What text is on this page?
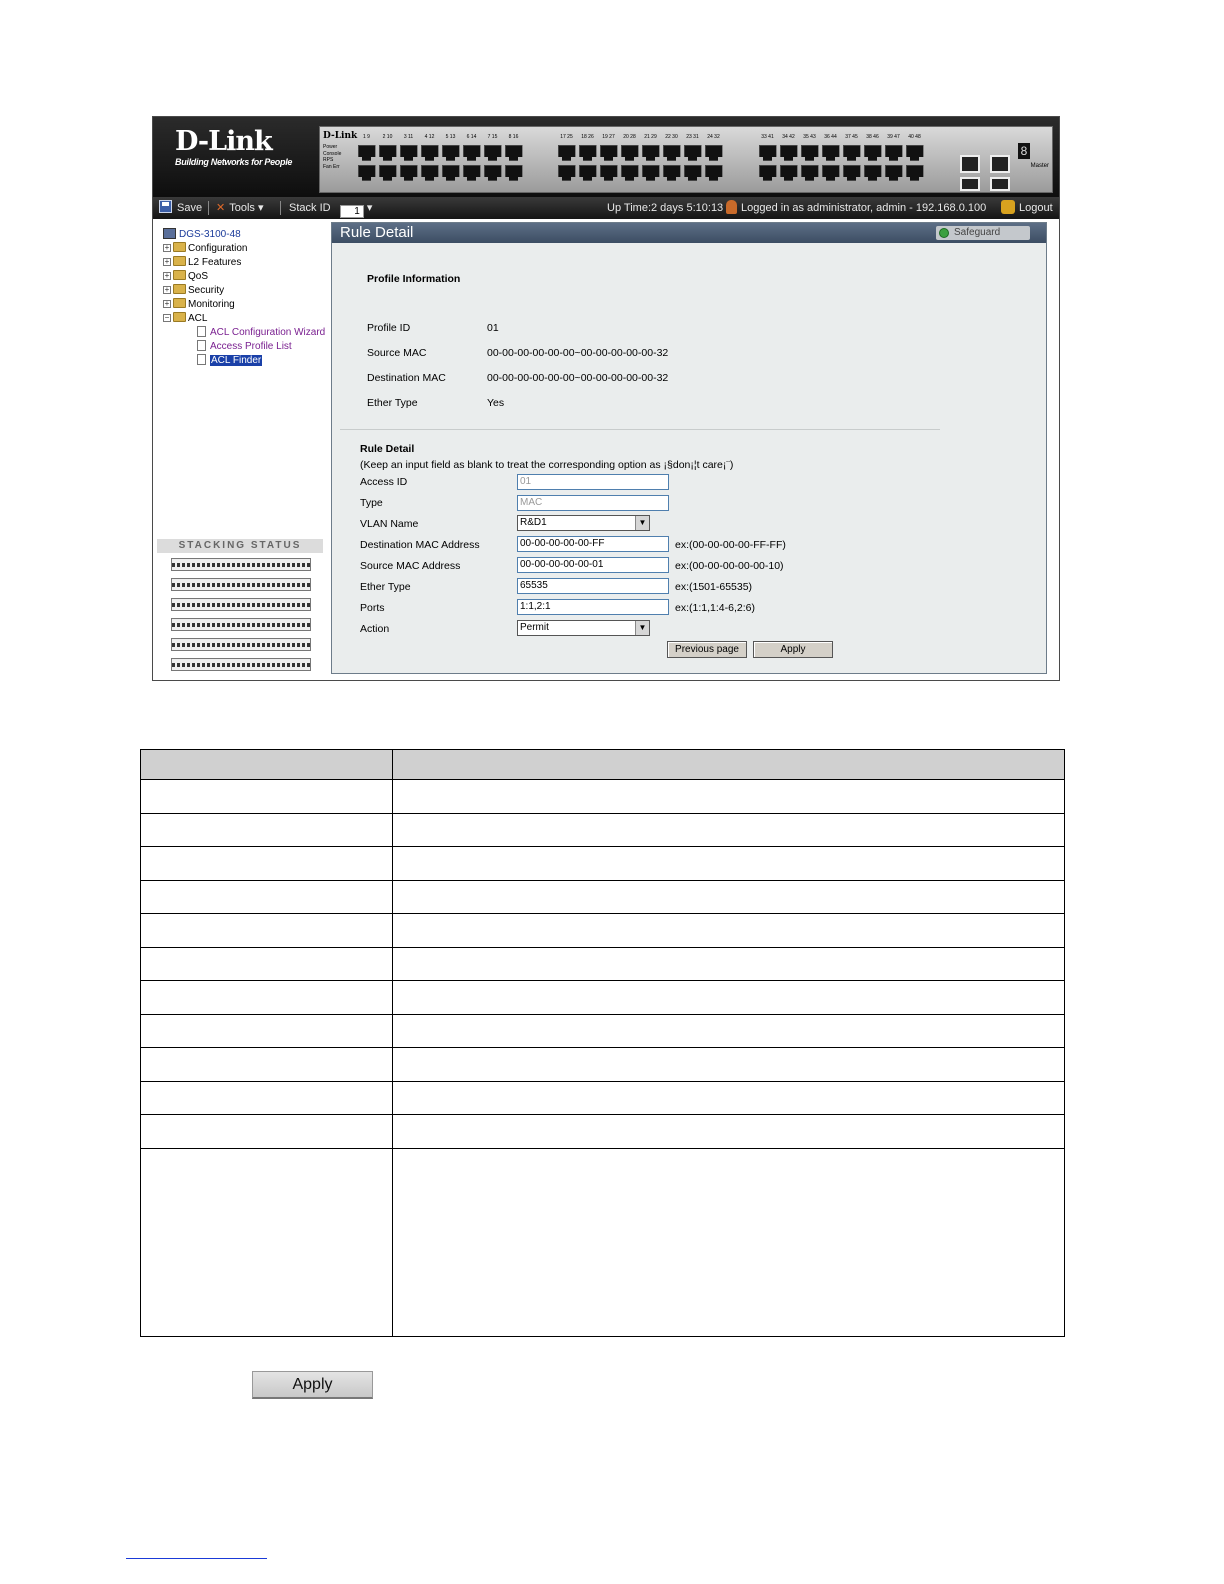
D-Link
Building Networks for People
D-Link
Power
Console
RPS
Fan Err
1 9	2 10	3 11	4 12	5 13	6 14	7 15	8 16	17 25	18 26	19 27	20 28	21 29	22 30	23 31	24 32	33 41	34 42	35 43	36 44	37 45	38 46	39 47	40 48
8
Master
Save ✕ Tools ▾ Stack ID 1 ▾	Up Time:2 days 5:10:13	Logged in as administrator, admin - 192.168.0.100	Logout
DGS-3100-48
+ Configuration
+ L2 Features
+ QoS
+ Security
+ Monitoring
− ACL
ACL Configuration Wizard
Access Profile List
ACL Finder
STACKING STATUS
Rule Detail	Safeguard
Profile Information
Profile ID	01
Source MAC	00-00-00-00-00-00~00-00-00-00-00-32
Destination MAC	00-00-00-00-00-00~00-00-00-00-00-32
Ether Type	Yes
Rule Detail
(Keep an input field as blank to treat the corresponding option as ¡§don¡¦t care¡¨)
Access ID	01
Type	MAC
VLAN Name	R&D1	▼
Destination MAC Address	00-00-00-00-00-FF	ex:(00-00-00-00-FF-FF)
Source MAC Address	00-00-00-00-00-01	ex:(00-00-00-00-00-10)
Ether Type	65535	ex:(1501-65535)
Ports	1:1,2:1	ex:(1:1,1:4-6,2:6)
Action	Permit	▼
Previous page	Apply

Apply
